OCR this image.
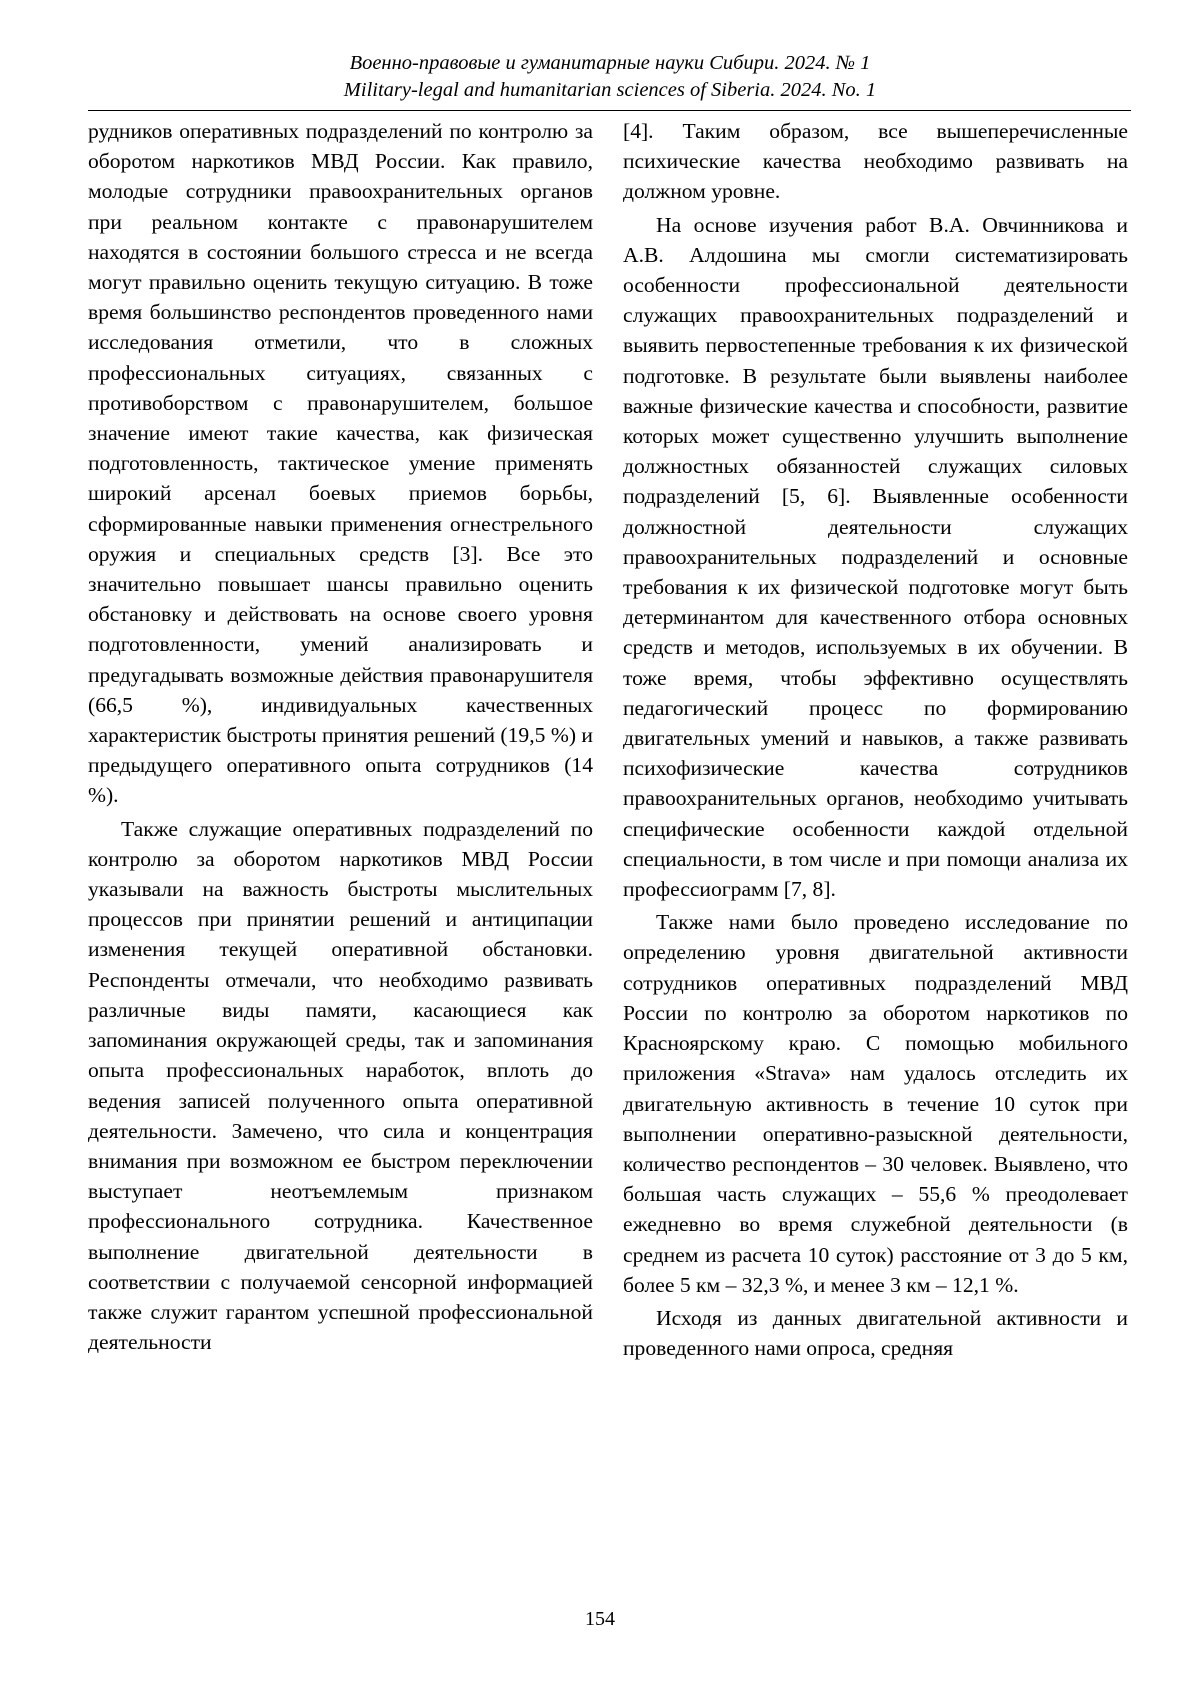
Военно-правовые и гуманитарные науки Сибири. 2024. № 1
Military-legal and humanitarian sciences of Siberia. 2024. No. 1

рудников оперативных подразделений по контролю за оборотом наркотиков МВД России. Как правило, молодые сотрудники правоохранительных органов при реальном контакте с правонарушителем находятся в состоянии большого стресса и не всегда могут правильно оценить текущую ситуацию. В тоже время большинство респондентов проведенного нами исследования отметили, что в сложных профессиональных ситуациях, связанных с противоборством с правонарушителем, большое значение имеют такие качества, как физическая подготовленность, тактическое умение применять широкий арсенал боевых приемов борьбы, сформированные навыки применения огнестрельного оружия и специальных средств [3]. Все это значительно повышает шансы правильно оценить обстановку и действовать на основе своего уровня подготовленности, умений анализировать и предугадывать возможные действия правонарушителя (66,5 %), индивидуальных качественных характеристик быстроты принятия решений (19,5 %) и предыдущего оперативного опыта сотрудников (14 %).

Также служащие оперативных подразделений по контролю за оборотом наркотиков МВД России указывали на важность быстроты мыслительных процессов при принятии решений и антиципации изменения текущей оперативной обстановки. Респонденты отмечали, что необходимо развивать различные виды памяти, касающиеся как запоминания окружающей среды, так и запоминания опыта профессиональных наработок, вплоть до ведения записей полученного опыта оперативной деятельности. Замечено, что сила и концентрация внимания при возможном ее быстром переключении выступает неотъемлемым признаком профессионального сотрудника. Качественное выполнение двигательной деятельности в соответствии с получаемой сенсорной информацией также служит гарантом успешной профессиональной деятельности

[4]. Таким образом, все вышеперечисленные психические качества необходимо развивать на должном уровне.

На основе изучения работ В.А. Овчинникова и А.В. Алдошина мы смогли систематизировать особенности профессиональной деятельности служащих правоохранительных подразделений и выявить первостепенные требования к их физической подготовке. В результате были выявлены наиболее важные физические качества и способности, развитие которых может существенно улучшить выполнение должностных обязанностей служащих силовых подразделений [5, 6]. Выявленные особенности должностной деятельности служащих правоохранительных подразделений и основные требования к их физической подготовке могут быть детерминантом для качественного отбора основных средств и методов, используемых в их обучении. В тоже время, чтобы эффективно осуществлять педагогический процесс по формированию двигательных умений и навыков, а также развивать психофизические качества сотрудников правоохранительных органов, необходимо учитывать специфические особенности каждой отдельной специальности, в том числе и при помощи анализа их профессиограмм [7, 8].

Также нами было проведено исследование по определению уровня двигательной активности сотрудников оперативных подразделений МВД России по контролю за оборотом наркотиков по Красноярскому краю. С помощью мобильного приложения «Strava» нам удалось отследить их двигательную активность в течение 10 суток при выполнении оперативно-разыскной деятельности, количество респондентов – 30 человек. Выявлено, что большая часть служащих – 55,6 % преодолевает ежедневно во время служебной деятельности (в среднем из расчета 10 суток) расстояние от 3 до 5 км, более 5 км – 32,3 %, и менее 3 км – 12,1 %.

Исходя из данных двигательной активности и проведенного нами опроса, средняя

154
